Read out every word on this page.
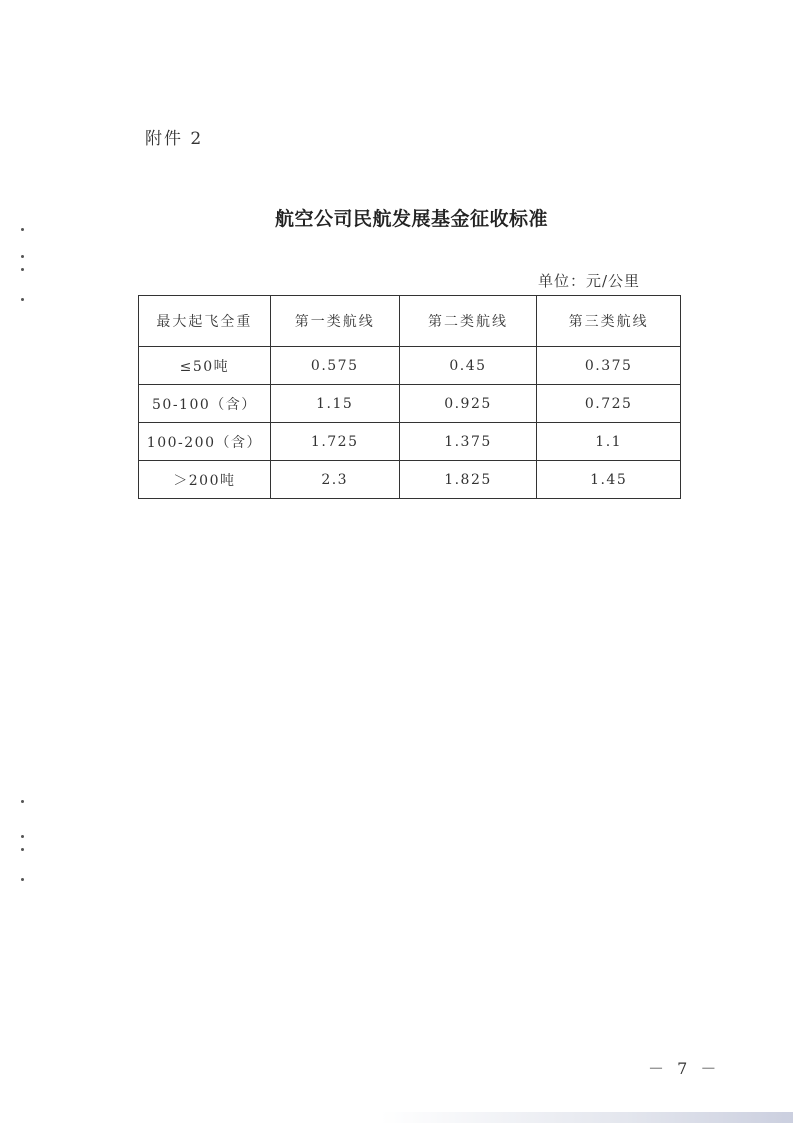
附件 2
航空公司民航发展基金征收标准
单位：元/公里
最大起飞全重	第一类航线	第二类航线	第三类航线
≤50吨	0.575	0.45	0.375
50-100（含）	1.15	0.925	0.725
100-200（含）	1.725	1.375	1.1
＞200吨	2.3	1.825	1.45
－ 7 －
